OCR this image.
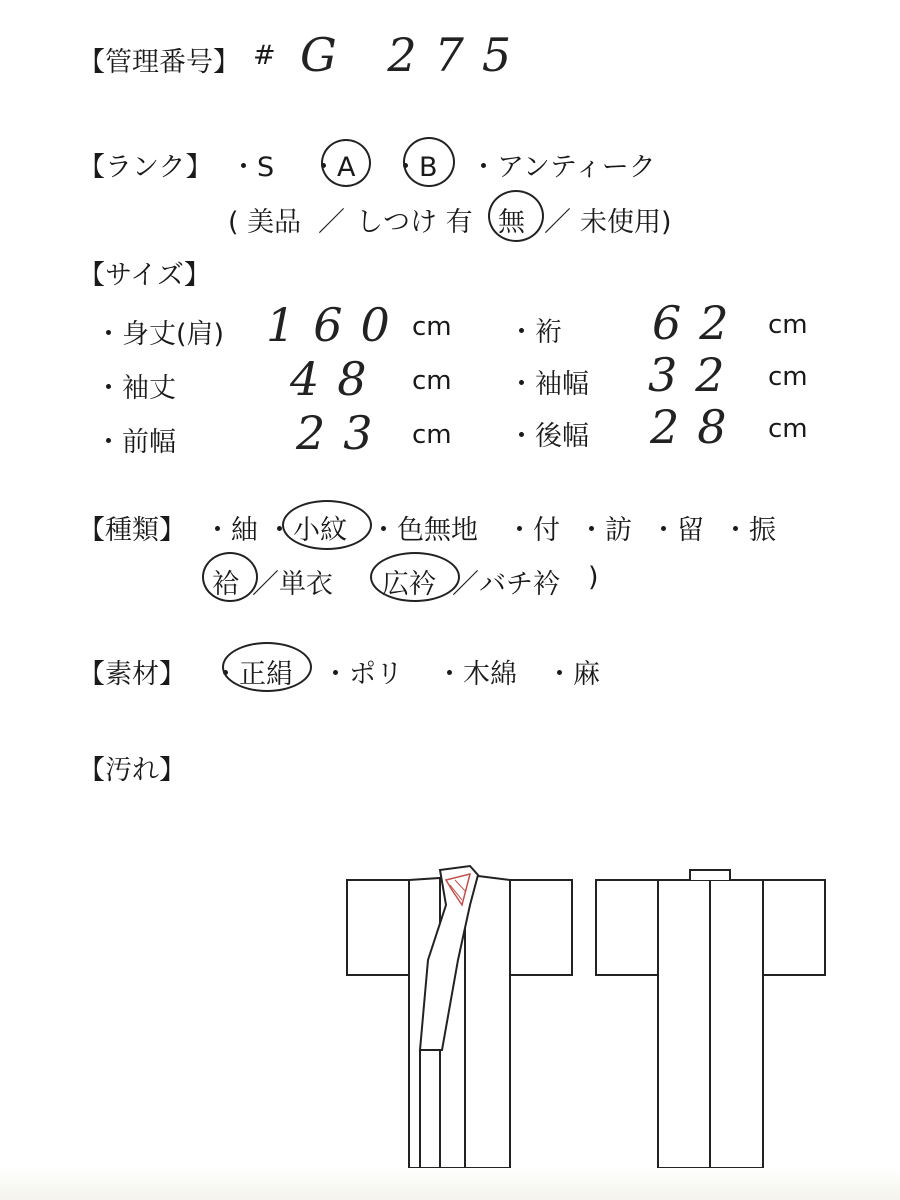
【管理番号】 # G 275
【ランク】 ・S ・A ・B ・アンティーク
( 美品 ／ しつけ 有 無 ／ 未使用)
【サイズ】
・身丈(肩) 160 cm
・袖丈 48 cm
・前幅	23 cm
・裄 62 cm
・袖幅 32 cm
・後幅 28 cm
【種類】 ・紬 ・小紋 ・色無地 ・付 ・訪 ・留 ・振
袷 ／単衣 広衿 ／バチ衿 )
【素材】 ・正絹 ・ポリ ・木綿 ・麻
【汚れ】
